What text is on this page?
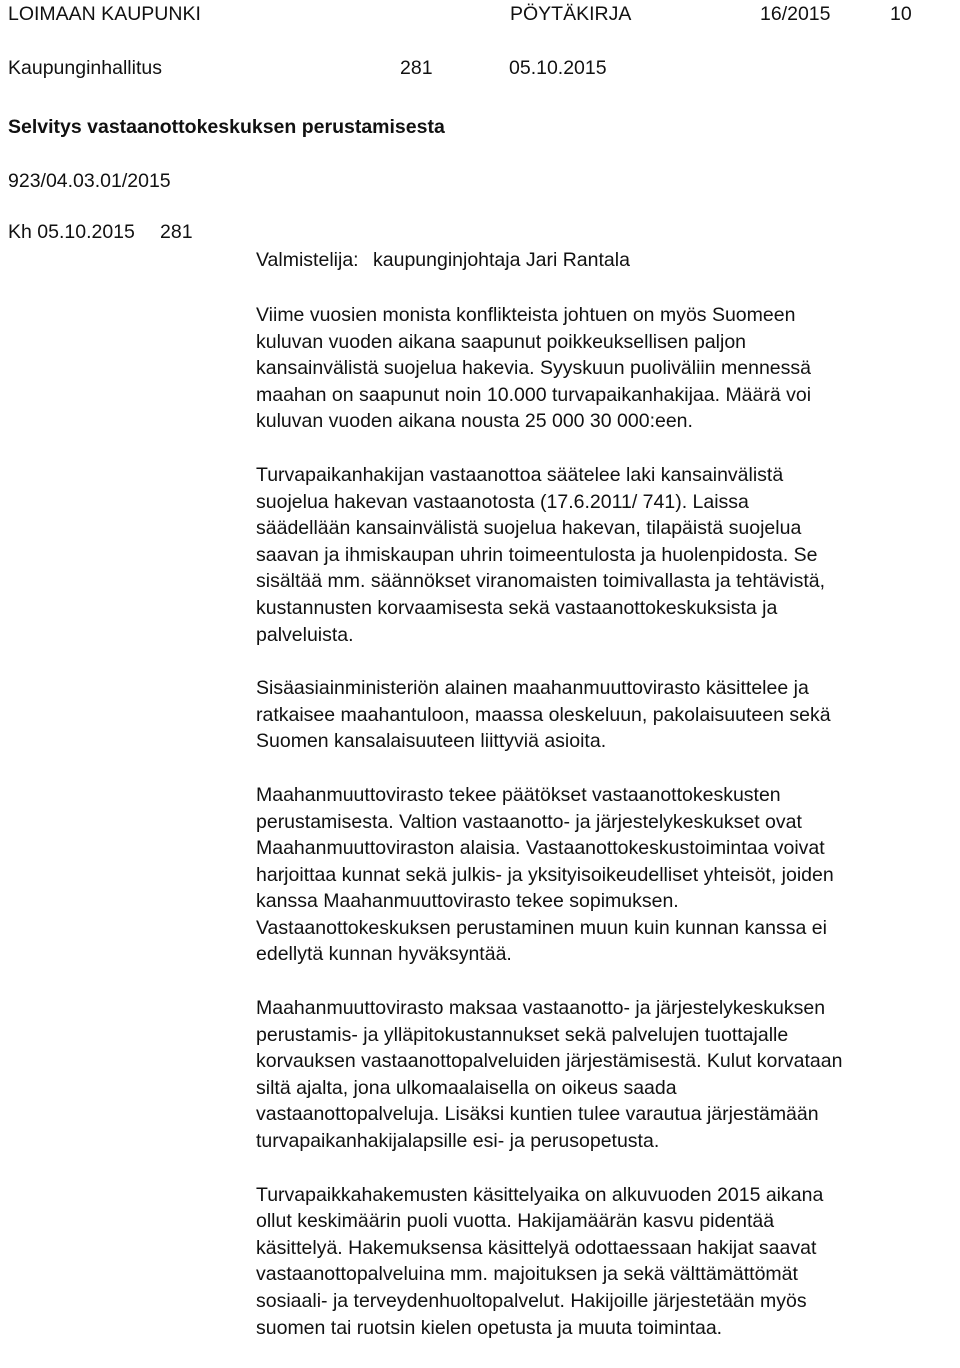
LOIMAAN KAUPUNKI	PÖYTÄKIRJA	16/2015	10
Kaupunginhallitus	281	05.10.2015
Selvitys vastaanottokeskuksen perustamisesta
923/04.03.01/2015
Kh 05.10.2015 281
Valmistelija: kaupunginjohtaja Jari Rantala

Viime vuosien monista konflikteista johtuen on myös Suomeen
kuluvan vuoden aikana saapunut poikkeuksellisen paljon
kansainvälistä suojelua hakevia. Syyskuun puoliväliin mennessä
maahan on saapunut noin 10.000 turvapaikanhakijaa. Määrä voi
kuluvan vuoden aikana nousta 25 000 30 000:een.

Turvapaikanhakijan vastaanottoa säätelee laki kansainvälistä
suojelua hakevan vastaanotosta (17.6.2011/ 741). Laissa
säädellään kansainvälistä suojelua hakevan, tilapäistä suojelua
saavan ja ihmiskaupan uhrin toimeentulosta ja huolenpidosta. Se
sisältää mm. säännökset viranomaisten toimivallasta ja tehtävistä,
kustannusten korvaamisesta sekä vastaanottokeskuksista ja
palveluista.

Sisäasiainministeriön alainen maahanmuuttovirasto käsittelee ja
ratkaisee maahantuloon, maassa oleskeluun, pakolaisuuteen sekä
Suomen kansalaisuuteen liittyviä asioita.

Maahanmuuttovirasto tekee päätökset vastaanottokeskusten
perustamisesta. Valtion vastaanotto- ja järjestelykeskukset ovat
Maahanmuuttoviraston alaisia. Vastaanottokeskustoimintaa voivat
harjoittaa kunnat sekä julkis- ja yksityisoikeudelliset yhteisöt, joiden
kanssa Maahanmuuttovirasto tekee sopimuksen.
Vastaanottokeskuksen perustaminen muun kuin kunnan kanssa ei
edellytä kunnan hyväksyntää.

Maahanmuuttovirasto maksaa vastaanotto- ja järjestelykeskuksen
perustamis- ja ylläpitokustannukset sekä palvelujen tuottajalle
korvauksen vastaanottopalveluiden järjestämisestä. Kulut korvataan
siltä ajalta, jona ulkomaalaisella on oikeus saada
vastaanottopalveluja. Lisäksi kuntien tulee varautua järjestämään
turvapaikanhakijalapsille esi- ja perusopetusta.

Turvapaikkahakemusten käsittelyaika on alkuvuoden 2015 aikana
ollut keskimäärin puoli vuotta. Hakijamäärän kasvu pidentää
käsittelyä. Hakemuksensa käsittelyä odottaessaan hakijat saavat
vastaanottopalveluina mm. majoituksen ja sekä välttämättömät
sosiaali- ja terveydenhuoltopalvelut. Hakijoille järjestetään myös
suomen tai ruotsin kielen opetusta ja muuta toimintaa.
